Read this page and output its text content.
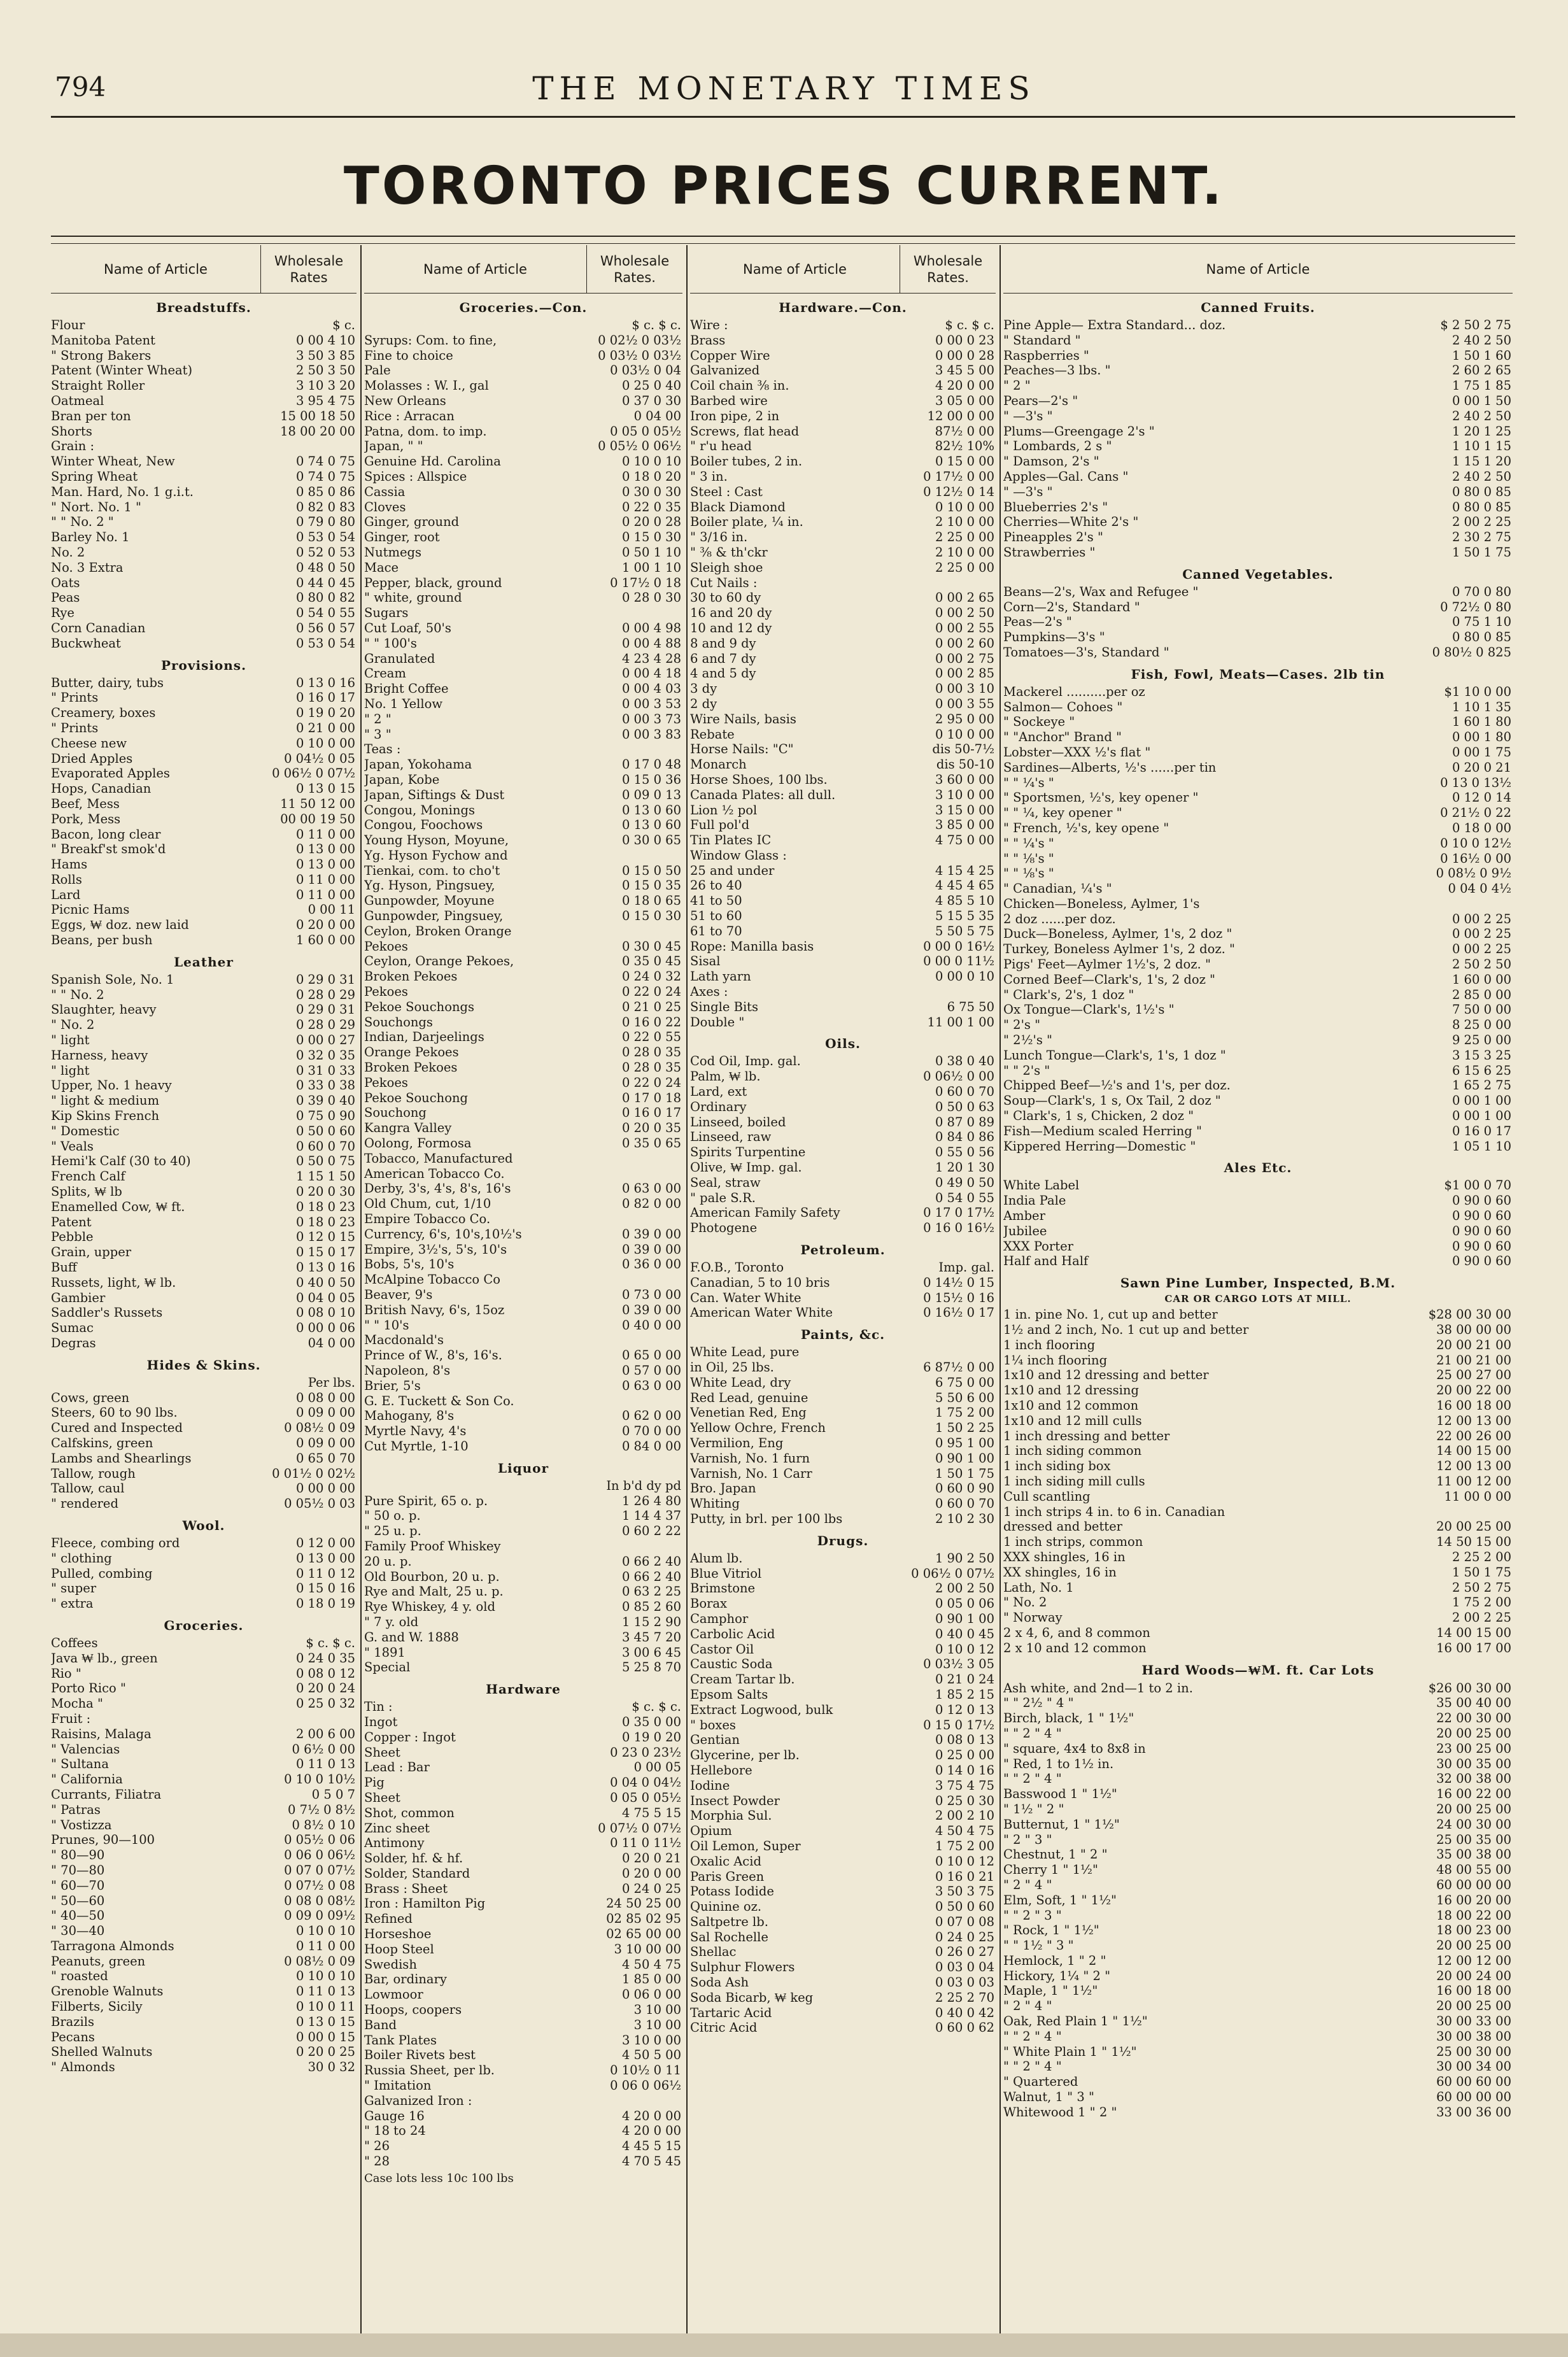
794	THE MONETARY TIMES
TORONTO PRICES CURRENT.
Name of Article
Wholesale Rates
Breadstuffs.
Flour	$ c.
Manitoba Patent	0 00 4 10
" Strong Bakers	3 50 3 85
Patent (Winter Wheat)	2 50 3 50
Straight Roller	3 10 3 20
Oatmeal	3 95 4 75
Bran per ton	15 00 18 50
Shorts	18 00 20 00
Grain :
Winter Wheat, New	0 74 0 75
Spring Wheat	0 74 0 75
Man. Hard, No. 1 g.i.t.	0 85 0 86
" Nort. No. 1 "	0 82 0 83
" " No. 2 "	0 79 0 80
Barley No. 1	0 53 0 54
No. 2	0 52 0 53
No. 3 Extra	0 48 0 50
Oats	0 44 0 45
Peas	0 80 0 82
Rye	0 54 0 55
Corn Canadian	0 56 0 57
Buckwheat	0 53 0 54
Provisions.
Butter, dairy, tubs	0 13 0 16
" Prints	0 16 0 17
Creamery, boxes	0 19 0 20
" Prints	0 21 0 00
Cheese new	0 10 0 00
Dried Apples	0 04½ 0 05
Evaporated Apples	0 06½ 0 07½
Hops, Canadian	0 13 0 15
Beef, Mess	11 50 12 00
Pork, Mess	00 00 19 50
Bacon, long clear	0 11 0 00
" Breakf'st smok'd	0 13 0 00
Hams	0 13 0 00
Rolls	0 11 0 00
Lard	0 11 0 00
Picnic Hams	0 00 11
Eggs, ₩ doz. new laid	0 20 0 00
Beans, per bush	1 60 0 00
Leather
Spanish Sole, No. 1	0 29 0 31
" " No. 2	0 28 0 29
Slaughter, heavy	0 29 0 31
" No. 2	0 28 0 29
" light	0 00 0 27
Harness, heavy	0 32 0 35
" light	0 31 0 33
Upper, No. 1 heavy	0 33 0 38
" light & medium	0 39 0 40
Kip Skins French	0 75 0 90
" Domestic	0 50 0 60
" Veals	0 60 0 70
Hemi'k Calf (30 to 40)	0 50 0 75
French Calf	1 15 1 50
Splits, ₩ lb	0 20 0 30
Enamelled Cow, ₩ ft.	0 18 0 23
Patent	0 18 0 23
Pebble	0 12 0 15
Grain, upper	0 15 0 17
Buff	0 13 0 16
Russets, light, ₩ lb.	0 40 0 50
Gambier	0 04 0 05
Saddler's Russets	0 08 0 10
Sumac	0 00 0 06
Degras	04 0 00
Hides & Skins.
Per lbs.
Cows, green	0 08 0 00
Steers, 60 to 90 lbs.	0 09 0 00
Cured and Inspected	0 08½ 0 09
Calfskins, green	0 09 0 00
Lambs and Shearlings	0 65 0 70
Tallow, rough	0 01½ 0 02½
Tallow, caul	0 00 0 00
" rendered	0 05½ 0 03
Wool.
Fleece, combing ord	0 12 0 00
" clothing	0 13 0 00
Pulled, combing	0 11 0 12
" super	0 15 0 16
" extra	0 18 0 19
Groceries.
Coffees	$ c. $ c.
Java ₩ lb., green	0 24 0 35
Rio "	0 08 0 12
Porto Rico "	0 20 0 24
Mocha "	0 25 0 32
Fruit :
Raisins, Malaga	2 00 6 00
" Valencias	0 6½ 0 00
" Sultana	0 11 0 13
" California	0 10 0 10½
Currants, Filiatra	0 5 0 7
" Patras	0 7½ 0 8½
" Vostizza	0 8½ 0 10
Prunes, 90—100	0 05½ 0 06
" 80—90	0 06 0 06½
" 70—80	0 07 0 07½
" 60—70	0 07½ 0 08
" 50—60	0 08 0 08½
" 40—50	0 09 0 09½
" 30—40	0 10 0 10
Tarragona Almonds	0 11 0 00
Peanuts, green	0 08½ 0 09
" roasted	0 10 0 10
Grenoble Walnuts	0 11 0 13
Filberts, Sicily	0 10 0 11
Brazils	0 13 0 15
Pecans	0 00 0 15
Shelled Walnuts	0 20 0 25
" Almonds	30 0 32
Name of Article
Wholesale Rates.
Groceries.—Con.
$ c. $ c.
Syrups: Com. to fine,	0 02½ 0 03½
Fine to choice	0 03½ 0 03½
Pale	0 03½ 0 04
Molasses : W. I., gal	0 25 0 40
New Orleans	0 37 0 30
Rice : Arracan	0 04 00
Patna, dom. to imp.	0 05 0 05½
Japan, " "	0 05½ 0 06½
Genuine Hd. Carolina	0 10 0 10
Spices : Allspice	0 18 0 20
Cassia	0 30 0 30
Cloves	0 22 0 35
Ginger, ground	0 20 0 28
Ginger, root	0 15 0 30
Nutmegs	0 50 1 10
Mace	1 00 1 10
Pepper, black, ground	0 17½ 0 18
" white, ground	0 28 0 30
Sugars
Cut Loaf, 50's	0 00 4 98
" " 100's	0 00 4 88
Granulated	4 23 4 28
Cream	0 00 4 18
Bright Coffee	0 00 4 03
No. 1 Yellow	0 00 3 53
" 2 "	0 00 3 73
" 3 "	0 00 3 83
Teas :
Japan, Yokohama	0 17 0 48
Japan, Kobe	0 15 0 36
Japan, Siftings & Dust	0 09 0 13
Congou, Monings	0 13 0 60
Congou, Foochows	0 13 0 60
Young Hyson, Moyune,	0 30 0 65
Yg. Hyson Fychow and
Tienkai, com. to cho't	0 15 0 50
Yg. Hyson, Pingsuey,	0 15 0 35
Gunpowder, Moyune	0 18 0 65
Gunpowder, Pingsuey,	0 15 0 30
Ceylon, Broken Orange
Pekoes	0 30 0 45
Ceylon, Orange Pekoes,	0 35 0 45
Broken Pekoes	0 24 0 32
Pekoes	0 22 0 24
Pekoe Souchongs	0 21 0 25
Souchongs	0 16 0 22
Indian, Darjeelings	0 22 0 55
Orange Pekoes	0 28 0 35
Broken Pekoes	0 28 0 35
Pekoes	0 22 0 24
Pekoe Souchong	0 17 0 18
Souchong	0 16 0 17
Kangra Valley	0 20 0 35
Oolong, Formosa	0 35 0 65
Tobacco, Manufactured
American Tobacco Co.
Derby, 3's, 4's, 8's, 16's	0 63 0 00
Old Chum, cut, 1/10	0 82 0 00
Empire Tobacco Co.
Currency, 6's, 10's,10½'s	0 39 0 00
Empire, 3½'s, 5's, 10's	0 39 0 00
Bobs, 5's, 10's	0 36 0 00
McAlpine Tobacco Co
Beaver, 9's	0 73 0 00
British Navy, 6's, 15oz	0 39 0 00
" " 10's	0 40 0 00
Macdonald's
Prince of W., 8's, 16's.	0 65 0 00
Napoleon, 8's	0 57 0 00
Brier, 5's	0 63 0 00
G. E. Tuckett & Son Co.
Mahogany, 8's	0 62 0 00
Myrtle Navy, 4's	0 70 0 00
Cut Myrtle, 1-10	0 84 0 00
Liquor
In b'd dy pd
Pure Spirit, 65 o. p.	1 26 4 80
" 50 o. p.	1 14 4 37
" 25 u. p.	0 60 2 22
Family Proof Whiskey
20 u. p.	0 66 2 40
Old Bourbon, 20 u. p.	0 66 2 40
Rye and Malt, 25 u. p.	0 63 2 25
Rye Whiskey, 4 y. old	0 85 2 60
" 7 y. old	1 15 2 90
G. and W. 1888	3 45 7 20
" 1891	3 00 6 45
Special	5 25 8 70
Hardware
Tin :	$ c. $ c.
Ingot	0 35 0 00
Copper : Ingot	0 19 0 20
Sheet	0 23 0 23½
Lead : Bar	0 00 05
Pig	0 04 0 04½
Sheet	0 05 0 05½
Shot, common	4 75 5 15
Zinc sheet	0 07½ 0 07½
Antimony	0 11 0 11½
Solder, hf. & hf.	0 20 0 21
Solder, Standard	0 20 0 00
Brass : Sheet	0 24 0 25
Iron : Hamilton Pig	24 50 25 00
Refined	02 85 02 95
Horseshoe	02 65 00 00
Hoop Steel	3 10 00 00
Swedish	4 50 4 75
Bar, ordinary	1 85 0 00
Lowmoor	0 06 0 00
Hoops, coopers	3 10 00
Band	3 10 00
Tank Plates	3 10 0 00
Boiler Rivets best	4 50 5 00
Russia Sheet, per lb.	0 10½ 0 11
" Imitation	0 06 0 06½
Galvanized Iron :
Gauge 16	4 20 0 00
" 18 to 24	4 20 0 00
" 26	4 45 5 15
" 28	4 70 5 45
Case lots less 10c 100 lbs
Name of Article
Wholesale Rates.
Hardware.—Con.
Wire :	$ c. $ c.
Brass	0 00 0 23
Copper Wire	0 00 0 28
Galvanized	3 45 5 00
Coil chain ⅜ in.	4 20 0 00
Barbed wire	3 05 0 00
Iron pipe, 2 in	12 00 0 00
Screws, flat head	87½ 0 00
" r'u head	82½ 10%
Boiler tubes, 2 in.	0 15 0 00
" 3 in.	0 17½ 0 00
Steel : Cast	0 12½ 0 14
Black Diamond	0 10 0 00
Boiler plate, ¼ in.	2 10 0 00
" 3/16 in.	2 25 0 00
" ⅜ & th'ckr	2 10 0 00
Sleigh shoe	2 25 0 00
Cut Nails :
30 to 60 dy	0 00 2 65
16 and 20 dy	0 00 2 50
10 and 12 dy	0 00 2 55
8 and 9 dy	0 00 2 60
6 and 7 dy	0 00 2 75
4 and 5 dy	0 00 2 85
3 dy	0 00 3 10
2 dy	0 00 3 55
Wire Nails, basis	2 95 0 00
Rebate	0 10 0 00
Horse Nails: "C"	dis 50-7½
Monarch	dis 50-10
Horse Shoes, 100 lbs.	3 60 0 00
Canada Plates: all dull.	3 10 0 00
Lion ½ pol	3 15 0 00
Full pol'd	3 85 0 00
Tin Plates IC	4 75 0 00
Window Glass :
25 and under	4 15 4 25
26 to 40	4 45 4 65
41 to 50	4 85 5 10
51 to 60	5 15 5 35
61 to 70	5 50 5 75
Rope: Manilla basis	0 00 0 16½
Sisal	0 00 0 11½
Lath yarn	0 00 0 10
Axes :
Single Bits	6 75 50
Double "	11 00 1 00
Oils.
Cod Oil, Imp. gal.	0 38 0 40
Palm, ₩ lb.	0 06½ 0 00
Lard, ext	0 60 0 70
Ordinary	0 50 0 63
Linseed, boiled	0 87 0 89
Linseed, raw	0 84 0 86
Spirits Turpentine	0 55 0 56
Olive, ₩ Imp. gal.	1 20 1 30
Seal, straw	0 49 0 50
" pale S.R.	0 54 0 55
American Family Safety	0 17 0 17½
Photogene	0 16 0 16½
Petroleum.
F.O.B., Toronto	Imp. gal.
Canadian, 5 to 10 bris	0 14½ 0 15
Can. Water White	0 15½ 0 16
American Water White	0 16½ 0 17
Paints, &c.
White Lead, pure
in Oil, 25 lbs.	6 87½ 0 00
White Lead, dry	6 75 0 00
Red Lead, genuine	5 50 6 00
Venetian Red, Eng	1 75 2 00
Yellow Ochre, French	1 50 2 25
Vermilion, Eng	0 95 1 00
Varnish, No. 1 furn	0 90 1 00
Varnish, No. 1 Carr	1 50 1 75
Bro. Japan	0 60 0 90
Whiting	0 60 0 70
Putty, in brl. per 100 lbs	2 10 2 30
Drugs.
Alum lb.	1 90 2 50
Blue Vitriol	0 06½ 0 07½
Brimstone	2 00 2 50
Borax	0 05 0 06
Camphor	0 90 1 00
Carbolic Acid	0 40 0 45
Castor Oil	0 10 0 12
Caustic Soda	0 03½ 3 05
Cream Tartar lb.	0 21 0 24
Epsom Salts	1 85 2 15
Extract Logwood, bulk	0 12 0 13
" boxes	0 15 0 17½
Gentian	0 08 0 13
Glycerine, per lb.	0 25 0 00
Hellebore	0 14 0 16
Iodine	3 75 4 75
Insect Powder	0 25 0 30
Morphia Sul.	2 00 2 10
Opium	4 50 4 75
Oil Lemon, Super	1 75 2 00
Oxalic Acid	0 10 0 12
Paris Green	0 16 0 21
Potass Iodide	3 50 3 75
Quinine oz.	0 50 0 60
Saltpetre lb.	0 07 0 08
Sal Rochelle	0 24 0 25
Shellac	0 26 0 27
Sulphur Flowers	0 03 0 04
Soda Ash	0 03 0 03
Soda Bicarb, ₩ keg	2 25 2 70
Tartaric Acid	0 40 0 42
Citric Acid	0 60 0 62
Name of Article
Canned Fruits.
Pine Apple— Extra Standard... doz.	$ 2 50 2 75
" Standard "	2 40 2 50
Raspberries "	1 50 1 60
Peaches—3 lbs. "	2 60 2 65
" 2 "	1 75 1 85
Pears—2's "	0 00 1 50
" —3's "	2 40 2 50
Plums—Greengage 2's "	1 20 1 25
" Lombards, 2 s "	1 10 1 15
" Damson, 2's "	1 15 1 20
Apples—Gal. Cans "	2 40 2 50
" —3's "	0 80 0 85
Blueberries 2's "	0 80 0 85
Cherries—White 2's "	2 00 2 25
Pineapples 2's "	2 30 2 75
Strawberries "	1 50 1 75
Canned Vegetables.
Beans—2's, Wax and Refugee "	0 70 0 80
Corn—2's, Standard "	0 72½ 0 80
Peas—2's "	0 75 1 10
Pumpkins—3's "	0 80 0 85
Tomatoes—3's, Standard "	0 80½ 0 825
Fish, Fowl, Meats—Cases. 2lb tin
Mackerel ..........per oz	$1 10 0 00
Salmon— Cohoes "	1 10 1 35
" Sockeye "	1 60 1 80
" "Anchor" Brand "	0 00 1 80
Lobster—XXX ½'s flat "	0 00 1 75
Sardines—Alberts, ½'s ......per tin	0 20 0 21
" " ¼'s "	0 13 0 13½
" Sportsmen, ½'s, key opener "	0 12 0 14
" " ¼, key opener "	0 21½ 0 22
" French, ½'s, key opene "	0 18 0 00
" " ¼'s "	0 10 0 12½
" " ⅛'s "	0 16½ 0 00
" " ⅛'s "	0 08½ 0 9½
" Canadian, ¼'s "	0 04 0 4½
Chicken—Boneless, Aylmer, 1's
2 doz ......per doz.	0 00 2 25
Duck—Boneless, Aylmer, 1's, 2 doz "	0 00 2 25
Turkey, Boneless Aylmer 1's, 2 doz. "	0 00 2 25
Pigs' Feet—Aylmer 1½'s, 2 doz. "	2 50 2 50
Corned Beef—Clark's, 1's, 2 doz "	1 60 0 00
" Clark's, 2's, 1 doz "	2 85 0 00
Ox Tongue—Clark's, 1½'s "	7 50 0 00
" 2's "	8 25 0 00
" 2½'s "	9 25 0 00
Lunch Tongue—Clark's, 1's, 1 doz "	3 15 3 25
" " 2's "	6 15 6 25
Chipped Beef—½'s and 1's, per doz.	1 65 2 75
Soup—Clark's, 1 s, Ox Tail, 2 doz "	0 00 1 00
" Clark's, 1 s, Chicken, 2 doz "	0 00 1 00
Fish—Medium scaled Herring "	0 16 0 17
Kippered Herring—Domestic "	1 05 1 10
Ales Etc.
White Label	$1 00 0 70
India Pale	0 90 0 60
Amber	0 90 0 60
Jubilee	0 90 0 60
XXX Porter	0 90 0 60
Half and Half	0 90 0 60
Sawn Pine Lumber, Inspected, B.M.
CAR OR CARGO LOTS AT MILL.
1 in. pine No. 1, cut up and better	$28 00 30 00
1½ and 2 inch, No. 1 cut up and better	38 00 00 00
1 inch flooring	20 00 21 00
1¼ inch flooring	21 00 21 00
1x10 and 12 dressing and better	25 00 27 00
1x10 and 12 dressing	20 00 22 00
1x10 and 12 common	16 00 18 00
1x10 and 12 mill culls	12 00 13 00
1 inch dressing and better	22 00 26 00
1 inch siding common	14 00 15 00
1 inch siding box	12 00 13 00
1 inch siding mill culls	11 00 12 00
Cull scantling	11 00 0 00
1 inch strips 4 in. to 6 in. Canadian
dressed and better	20 00 25 00
1 inch strips, common	14 50 15 00
XXX shingles, 16 in	2 25 2 00
XX shingles, 16 in	1 50 1 75
Lath, No. 1	2 50 2 75
" No. 2	1 75 2 00
" Norway	2 00 2 25
2 x 4, 6, and 8 common	14 00 15 00
2 x 10 and 12 common	16 00 17 00
Hard Woods—₩M. ft. Car Lots
Ash white, and 2nd—1 to 2 in.	$26 00 30 00
" " 2½ " 4 "	35 00 40 00
Birch, black, 1 " 1½"	22 00 30 00
" " 2 " 4 "	20 00 25 00
" square, 4x4 to 8x8 in	23 00 25 00
" Red, 1 to 1½ in.	30 00 35 00
" " 2 " 4 "	32 00 38 00
Basswood 1 " 1½"	16 00 22 00
" 1½ " 2 "	20 00 25 00
Butternut, 1 " 1½"	24 00 30 00
" 2 " 3 "	25 00 35 00
Chestnut, 1 " 2 "	35 00 38 00
Cherry 1 " 1½"	48 00 55 00
" 2 " 4 "	60 00 00 00
Elm, Soft, 1 " 1½"	16 00 20 00
" " 2 " 3 "	18 00 22 00
" Rock, 1 " 1½"	18 00 23 00
" " 1½ " 3 "	20 00 25 00
Hemlock, 1 " 2 "	12 00 12 00
Hickory, 1¼ " 2 "	20 00 24 00
Maple, 1 " 1½"	16 00 18 00
" 2 " 4 "	20 00 25 00
Oak, Red Plain 1 " 1½"	30 00 33 00
" " 2 " 4 "	30 00 38 00
" White Plain 1 " 1½"	25 00 30 00
" " 2 " 4 "	30 00 34 00
" Quartered	60 00 60 00
Walnut, 1 " 3 "	60 00 00 00
Whitewood 1 " 2 "	33 00 36 00
